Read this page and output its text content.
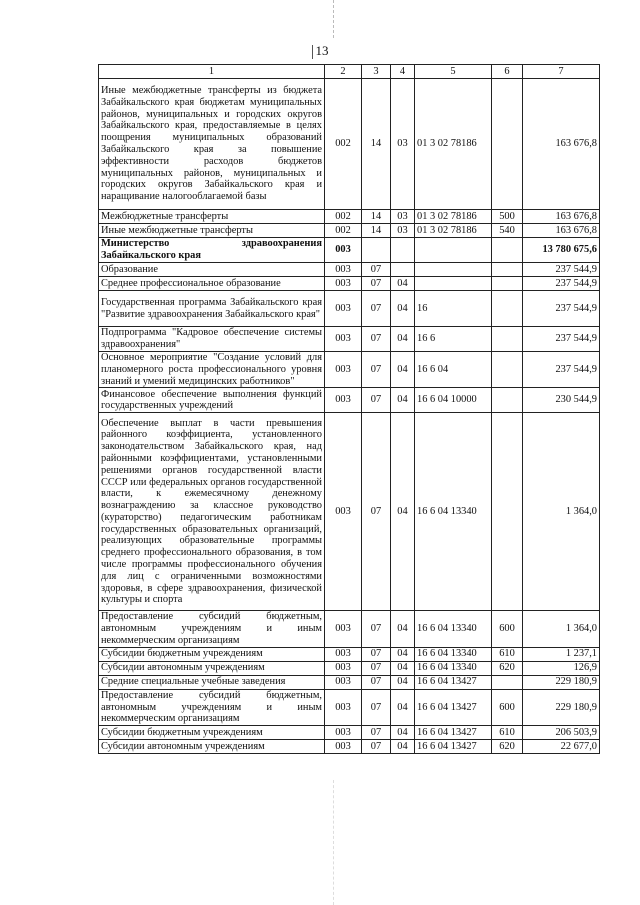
13
1	2	3	4	5	6	7
Иные межбюджетные трансферты из бюджета Забайкальского края бюджетам муниципальных районов, муниципальных и городских округов Забайкальского края, предоставляемые в целях поощрения муниципальных образований Забайкальского края за повышение эффективности расходов бюджетов муниципальных районов, муниципальных и городских округов Забайкальского края и наращивание налогооблагаемой базы	002	14	03	01 3 02 78186		163 676,8
Межбюджетные трансферты	002	14	03	01 3 02 78186	500	163 676,8
Иные межбюджетные трансферты	002	14	03	01 3 02 78186	540	163 676,8
Министерство здравоохранения Забайкальского края	003					13 780 675,6
Образование	003	07				237 544,9
Среднее профессиональное образование	003	07	04			237 544,9
Государственная программа Забайкальского края "Развитие здравоохранения Забайкальского края"	003	07	04	16		237 544,9
Подпрограмма "Кадровое обеспечение системы здравоохранения"	003	07	04	16 6		237 544,9
Основное мероприятие "Создание условий для планомерного роста профессионального уровня знаний и умений медицинских работников"	003	07	04	16 6 04		237 544,9
Финансовое обеспечение выполнения функций государственных учреждений	003	07	04	16 6 04 10000		230 544,9
Обеспечение выплат в части превышения районного коэффициента, установленного законодательством Забайкальского края, над районными коэффициентами, установленными решениями органов государственной власти СССР или федеральных органов государственной власти, к ежемесячному денежному вознаграждению за классное руководство (кураторство) педагогическим работникам государственных образовательных организаций, реализующих образовательные программы среднего профессионального образования, в том числе программы профессионального обучения для лиц с ограниченными возможностями здоровья, в сфере здравоохранения, физической культуры и спорта	003	07	04	16 6 04 13340		1 364,0
Предоставление субсидий бюджетным, автономным учреждениям и иным некоммерческим организациям	003	07	04	16 6 04 13340	600	1 364,0
Субсидии бюджетным учреждениям	003	07	04	16 6 04 13340	610	1 237,1
Субсидии автономным учреждениям	003	07	04	16 6 04 13340	620	126,9
Средние специальные учебные заведения	003	07	04	16 6 04 13427		229 180,9
Предоставление субсидий бюджетным, автономным учреждениям и иным некоммерческим организациям	003	07	04	16 6 04 13427	600	229 180,9
Субсидии бюджетным учреждениям	003	07	04	16 6 04 13427	610	206 503,9
Субсидии автономным учреждениям	003	07	04	16 6 04 13427	620	22 677,0
